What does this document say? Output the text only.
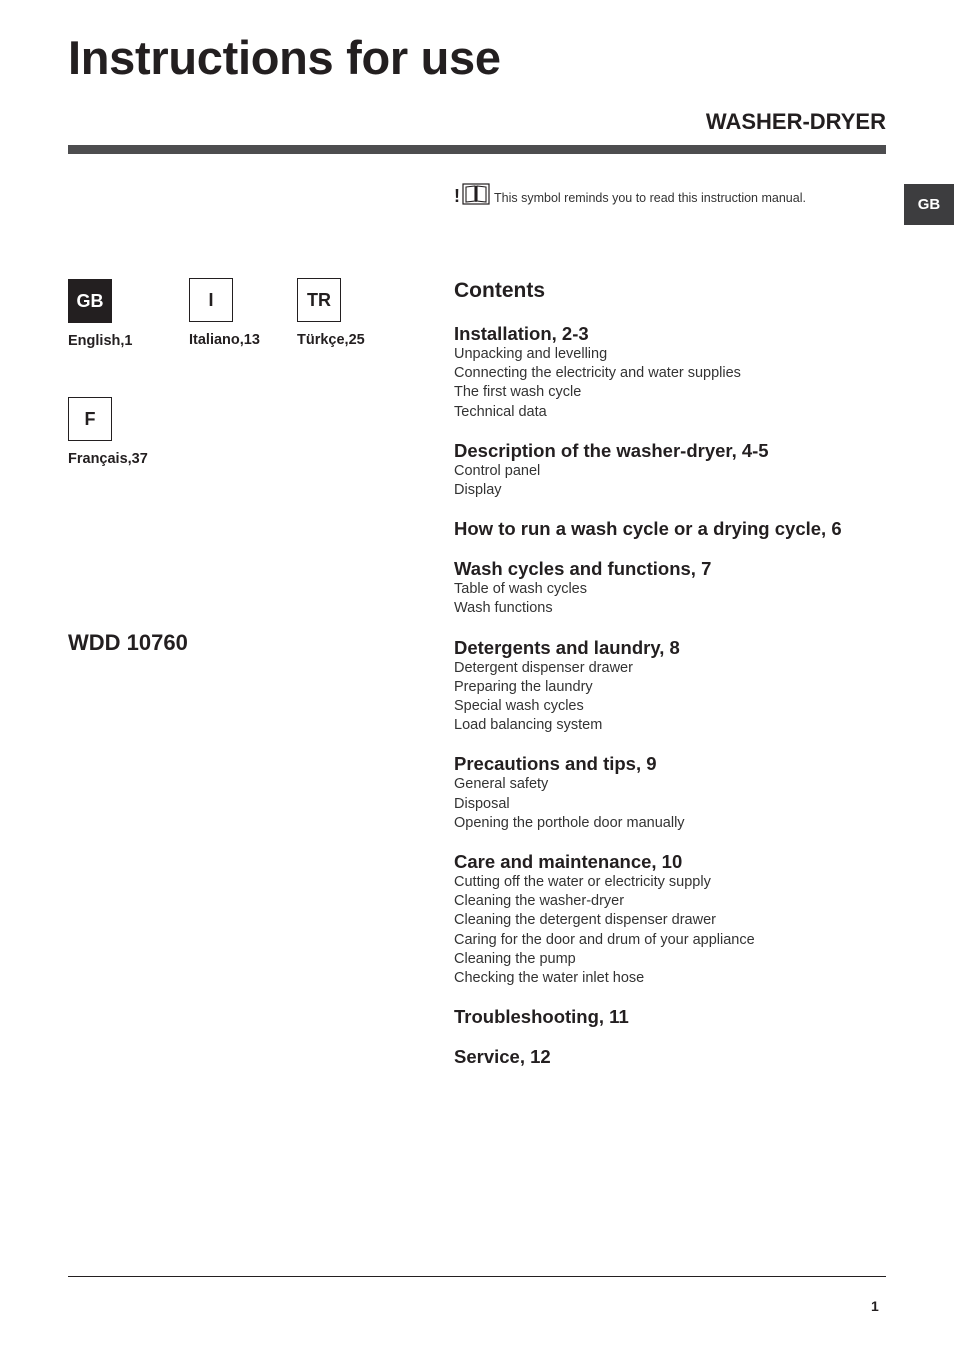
Instructions for use
WASHER-DRYER
GB
!	This symbol reminds you to read this instruction manual.
GB
English,1
I
Italiano,13
TR
Türkçe,25
F
Français,37
WDD 10760
Contents
Installation, 2-3
Unpacking and levelling
Connecting the electricity and water supplies
The first wash cycle
Technical data
Description of the washer-dryer, 4-5
Control panel
Display
How to run a wash cycle or a drying cycle, 6
Wash cycles and functions, 7
Table of wash cycles
Wash functions
Detergents and laundry, 8
Detergent dispenser drawer
Preparing the laundry
Special wash cycles
Load balancing system
Precautions and tips, 9
General safety
Disposal
Opening the porthole door manually
Care and maintenance, 10
Cutting off the water or electricity supply
Cleaning the washer-dryer
Cleaning the detergent dispenser drawer
Caring for the door and drum of your appliance
Cleaning the pump
Checking the water inlet hose
Troubleshooting, 11
Service, 12
1
